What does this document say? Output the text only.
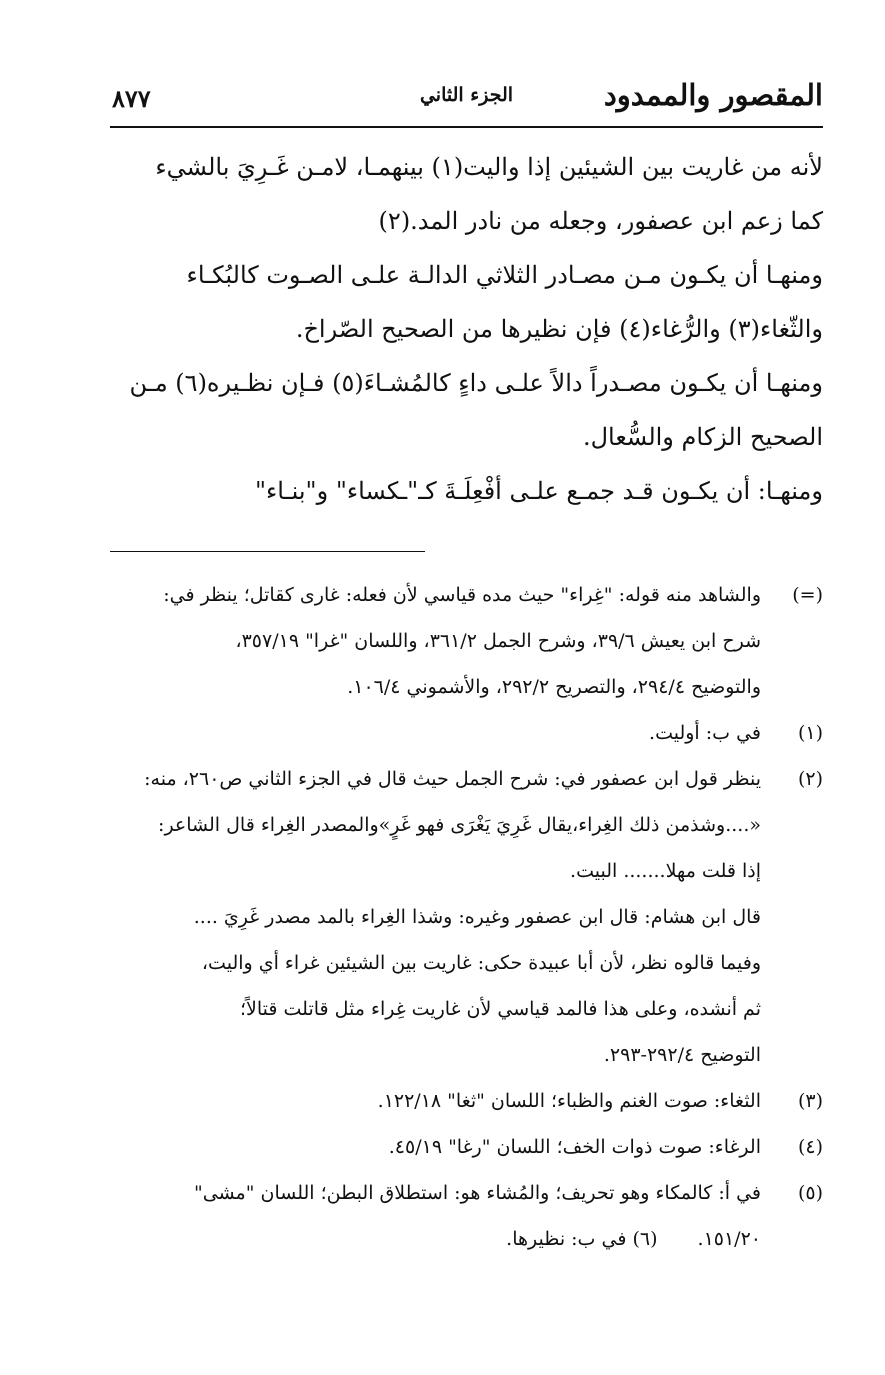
المقصور والممدود
الجزء الثاني
٨٧٧

لأنه من غاريت بين الشيئين إذا واليت(١) بينهمـا، لامـن غَـرِيَ بالشيء
كما زعم ابن عصفور، وجعله من نادر المد.(٢)

ومنهـا أن يكـون مـن مصـادر الثلاثي الدالـة علـى الصـوت كالبُكـاء
والثّغاء(٣) والرُّغاء(٤) فإن نظيرها من الصحيح الصّراخ.

ومنهـا أن يكـون مصـدراً دالاً علـى داءٍ كالمُشـاءَ(٥) فـإن نظـيره(٦) مـن
الصحيح الزكام والسُّعال.

ومنهـا: أن يكـون قـد جمـع علـى أفْعِلَـةَ كـ"ـكساء" و"بنـاء"

(=)
والشاهد منه قوله: "غِراء" حيث مده قياسي لأن فعله: غارى كقاتل؛ ينظر في:
شرح ابن يعيش ٣٩/٦، وشرح الجمل ٣٦١/٢، واللسان "غرا" ٣٥٧/١٩،
والتوضيح ٢٩٤/٤، والتصريح ٢٩٢/٢، والأشموني ١٠٦/٤.
(١)
في ب: أوليت.
(٢)
ينظر قول ابن عصفور في: شرح الجمل حيث قال في الجزء الثاني ص٢٦٠، منه:
«....وشذمن ذلك الغِراء،يقال غَرِيَ يَغْرَى فهو غَرٍ»والمصدر الغِراء قال الشاعر:
إذا قلت مهلا....... البيت.
قال ابن هشام: قال ابن عصفور وغيره: وشذا الغِراء بالمد مصدر غَرِيَ ....
وفيما قالوه نظر، لأن أبا عبيدة حكى: غاريت بين الشيئين غراء أي واليت،
ثم أنشده، وعلى هذا فالمد قياسي لأن غاريت غِراء مثل قاتلت قتالاً؛
التوضيح ٢٩٢/٤-٢٩٣.
(٣)
الثغاء: صوت الغنم والظباء؛ اللسان "ثغا" ١٢٢/١٨.
(٤)
الرغاء: صوت ذوات الخف؛ اللسان "رغا" ٤٥/١٩.
(٥)
في أ: كالمكاء وهو تحريف؛ والمُشاء هو: استطلاق البطن؛ اللسان "مشى"
١٥١/٢٠.
(٦) في ب: نظيرها.
